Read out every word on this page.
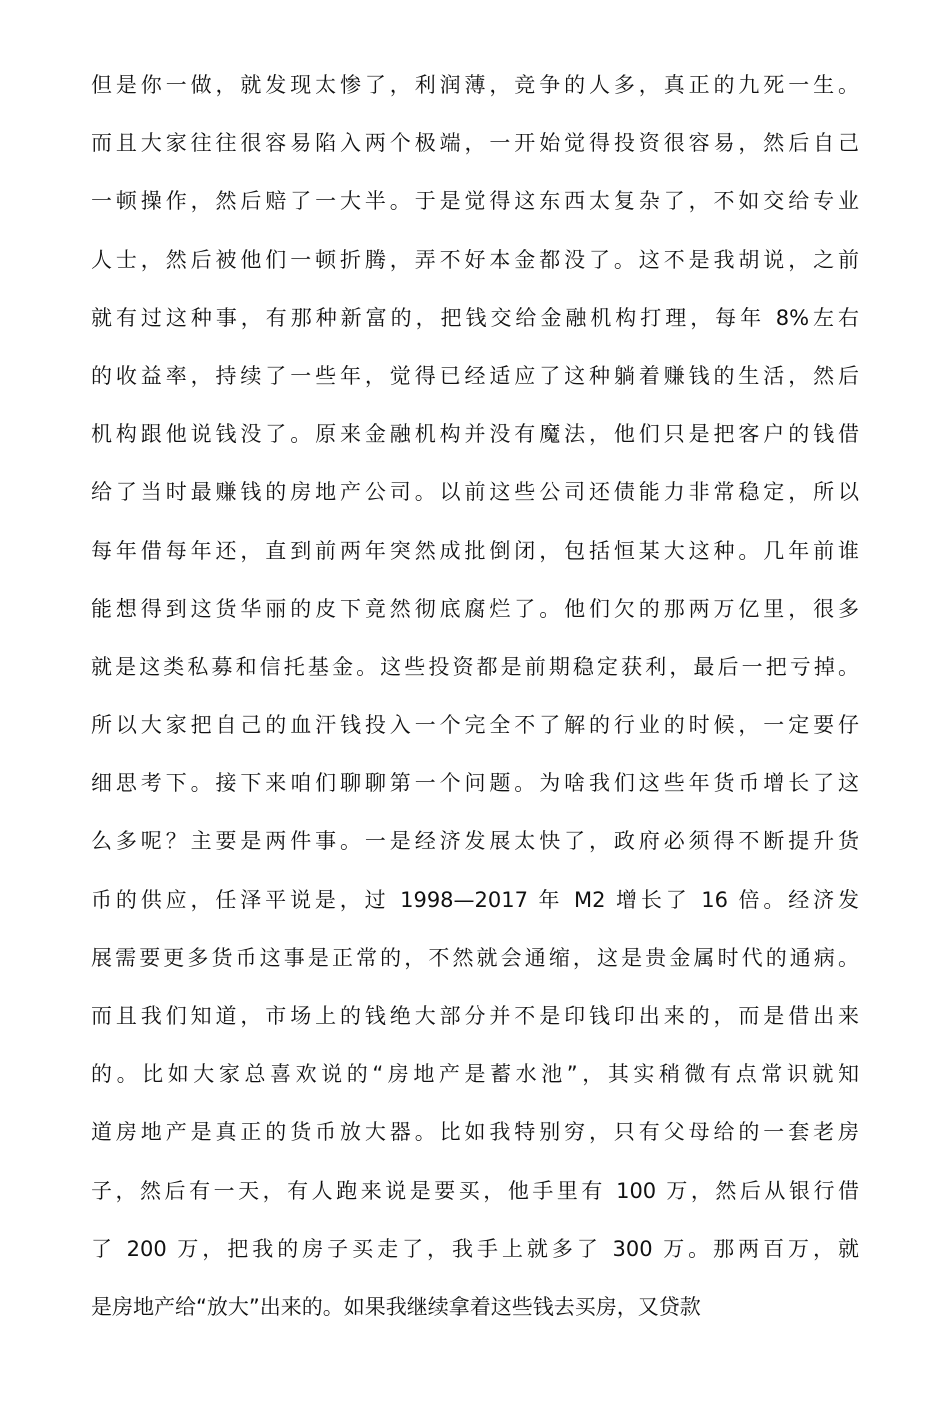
但是你一做，就发现太惨了，利润薄，竞争的人多，真正的九死一生。
而且大家往往很容易陷入两个极端，一开始觉得投资很容易，然后自己
一顿操作，然后赔了一大半。于是觉得这东西太复杂了，不如交给专业
人士，然后被他们一顿折腾，弄不好本金都没了。这不是我胡说，之前
就有过这种事，有那种新富的，把钱交给金融机构打理，每年 8%左右
的收益率，持续了一些年，觉得已经适应了这种躺着赚钱的生活，然后
机构跟他说钱没了。原来金融机构并没有魔法，他们只是把客户的钱借
给了当时最赚钱的房地产公司。以前这些公司还债能力非常稳定，所以
每年借每年还，直到前两年突然成批倒闭，包括恒某大这种。几年前谁
能想得到这货华丽的皮下竟然彻底腐烂了。他们欠的那两万亿里，很多
就是这类私募和信托基金。这些投资都是前期稳定获利，最后一把亏掉。
所以大家把自己的血汗钱投入一个完全不了解的行业的时候，一定要仔
细思考下。接下来咱们聊聊第一个问题。为啥我们这些年货币增长了这
么多呢？主要是两件事。一是经济发展太快了，政府必须得不断提升货
币的供应，任泽平说是，过 1998—2017 年 M2 增长了 16 倍。经济发
展需要更多货币这事是正常的，不然就会通缩，这是贵金属时代的通病。
而且我们知道，市场上的钱绝大部分并不是印钱印出来的，而是借出来
的。比如大家总喜欢说的“房地产是蓄水池”，其实稍微有点常识就知
道房地产是真正的货币放大器。比如我特别穷，只有父母给的一套老房
子，然后有一天，有人跑来说是要买，他手里有 100 万，然后从银行借
了 200 万，把我的房子买走了，我手上就多了 300 万。那两百万，就
是房地产给“放大”出来的。如果我继续拿着这些钱去买房，又贷款
